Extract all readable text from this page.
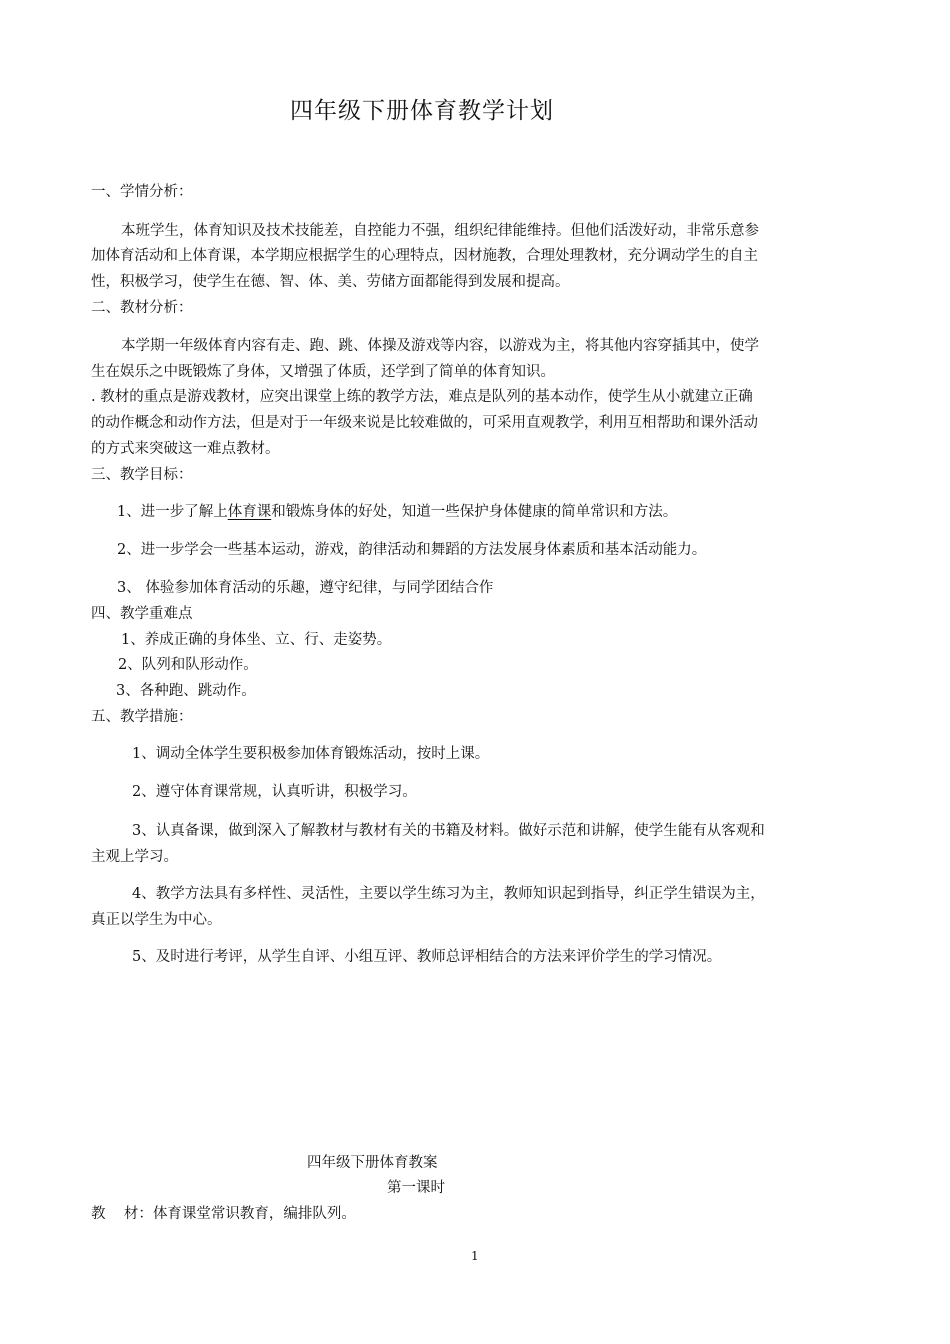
四年级下册体育教学计划
一、学情分析：
本班学生，体育知识及技术技能差，自控能力不强，组织纪律能维持。但他们活泼好动，非常乐意参
加体育活动和上体育课，本学期应根据学生的心理特点，因材施教，合理处理教材，充分调动学生的自主
性，积极学习，使学生在德、智、体、美、劳储方面都能得到发展和提高。
二、教材分析：
本学期一年级体育内容有走、跑、跳、体操及游戏等内容，以游戏为主，将其他内容穿插其中，使学
生在娱乐之中既锻炼了身体，又增强了体质，还学到了简单的体育知识。
. 教材的重点是游戏教材，应突出课堂上练的教学方法，难点是队列的基本动作，使学生从小就建立正确
的动作概念和动作方法，但是对于一年级来说是比较难做的，可采用直观教学，利用互相帮助和课外活动
的方式来突破这一难点教材。
三、教学目标：
1、进一步了解上体育课和锻炼身体的好处，知道一些保护身体健康的简单常识和方法。
2、进一步学会一些基本运动，游戏，韵律活动和舞蹈的方法发展身体素质和基本活动能力。
3、 体验参加体育活动的乐趣，遵守纪律，与同学团结合作
四、教学重难点
1、养成正确的身体坐、立、行、走姿势。
2、队列和队形动作。
3、各种跑、跳动作。
五、教学措施：
1、调动全体学生要积极参加体育锻炼活动，按时上课。
2、遵守体育课常规，认真听讲，积极学习。
3、认真备课，做到深入了解教材与教材有关的书籍及材料。做好示范和讲解，使学生能有从客观和
主观上学习。
4、教学方法具有多样性、灵活性，主要以学生练习为主，教师知识起到指导，纠正学生错误为主，
真正以学生为中心。
5、及时进行考评，从学生自评、小组互评、教师总评相结合的方法来评价学生的学习情况。
四年级下册体育教案
第一课时
教    材：体育课堂常识教育，编排队列。
1
